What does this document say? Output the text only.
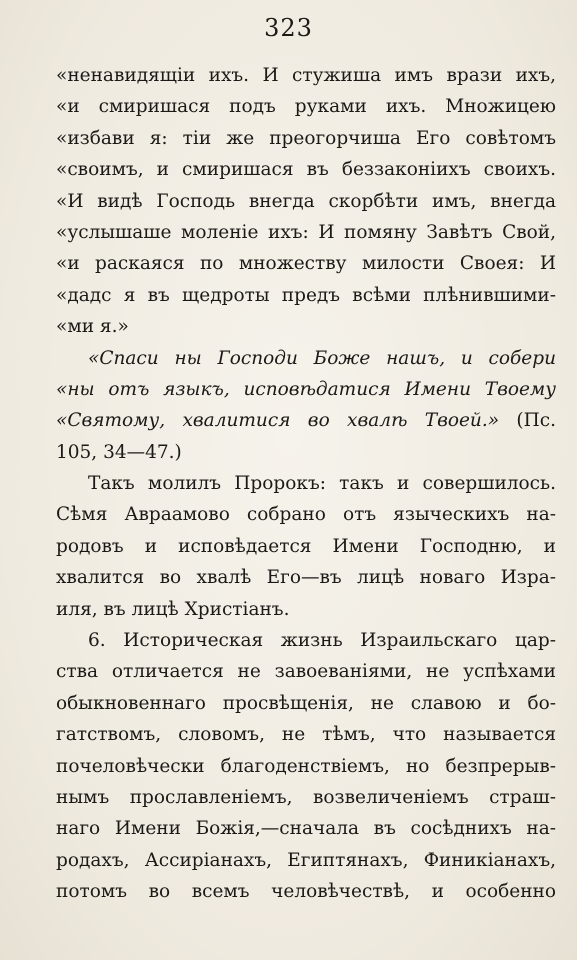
323
«ненавидящіи ихъ. И стужиша имъ врази ихъ,
«и смиришася подъ руками ихъ. Множицею
«избави я: тіи же преогорчиша Его совѣтомъ
«своимъ, и смиришася въ беззаконіихъ своихъ.
«И видѣ Господь внегда скорбѣти имъ, внегда
«услышаше моленіе ихъ: И помяну Завѣтъ Свой,
«и раскаяся по множеству милости Своея: И
«дадс я въ щедроты предъ всѣми плѣнившими-
«ми я.»
«Спаси ны Господи Боже нашъ, и собери
«ны отъ языкъ, исповѣдатися Имени Твоему
«Святому, хвалитися во хвалѣ Твоей.» (Пс.
105, 34—47.)
Такъ молилъ Пророкъ: такъ и совершилось.
Сѣмя Авраамово собрано отъ языческихъ на-
родовъ и исповѣдается Имени Господню, и
хвалится во хвалѣ Его—въ лицѣ новаго Изра-
иля, въ лицѣ Христіанъ.
6. Историческая жизнь Израильскаго цар-
ства отличается не завоеваніями, не успѣхами
обыкновеннаго просвѣщенія, не славою и бо-
гатствомъ, словомъ, не тѣмъ, что называется
почеловѣчески благоденствіемъ, но безпрерыв-
нымъ прославленіемъ, возвеличеніемъ страш-
наго Имени Божія,—сначала въ сосѣднихъ на-
родахъ, Ассиріанахъ, Египтянахъ, Финикіанахъ,
потомъ во всемъ человѣчествѣ, и особенно
